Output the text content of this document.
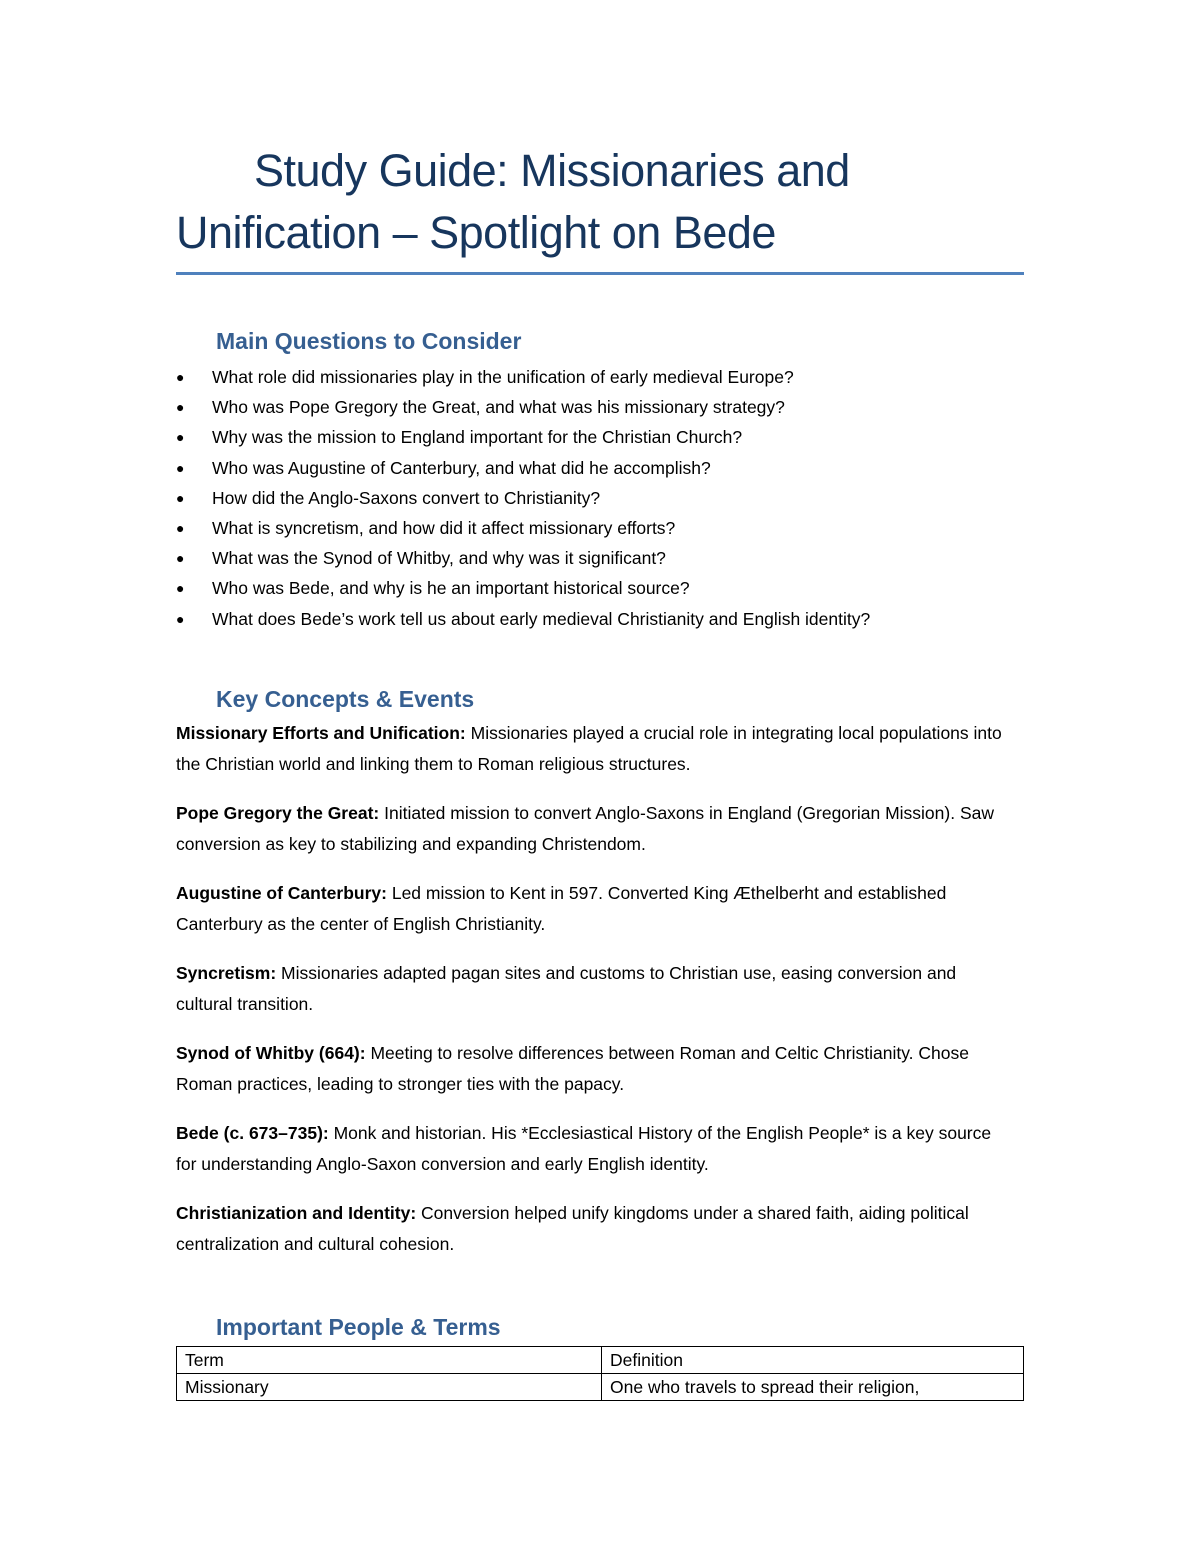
Study Guide: Missionaries and
Unification – Spotlight on Bede
Main Questions to Consider
● What role did missionaries play in the unification of early medieval Europe?
● Who was Pope Gregory the Great, and what was his missionary strategy?
● Why was the mission to England important for the Christian Church?
● Who was Augustine of Canterbury, and what did he accomplish?
● How did the Anglo-Saxons convert to Christianity?
● What is syncretism, and how did it affect missionary efforts?
● What was the Synod of Whitby, and why was it significant?
● Who was Bede, and why is he an important historical source?
● What does Bede’s work tell us about early medieval Christianity and English identity?
Key Concepts & Events

Missionary Efforts and Unification: Missionaries played a crucial role in integrating local populations into the Christian world and linking them to Roman religious structures.

Pope Gregory the Great: Initiated mission to convert Anglo-Saxons in England (Gregorian Mission). Saw conversion as key to stabilizing and expanding Christendom.

Augustine of Canterbury: Led mission to Kent in 597. Converted King Æthelberht and established Canterbury as the center of English Christianity.

Syncretism: Missionaries adapted pagan sites and customs to Christian use, easing conversion and cultural transition.

Synod of Whitby (664): Meeting to resolve differences between Roman and Celtic Christianity. Chose Roman practices, leading to stronger ties with the papacy.

Bede (c. 673–735): Monk and historian. His *Ecclesiastical History of the English People* is a key source for understanding Anglo-Saxon conversion and early English identity.

Christianization and Identity: Conversion helped unify kingdoms under a shared faith, aiding political centralization and cultural cohesion.

Important People & Terms
Term	Definition
Missionary	One who travels to spread their religion,
